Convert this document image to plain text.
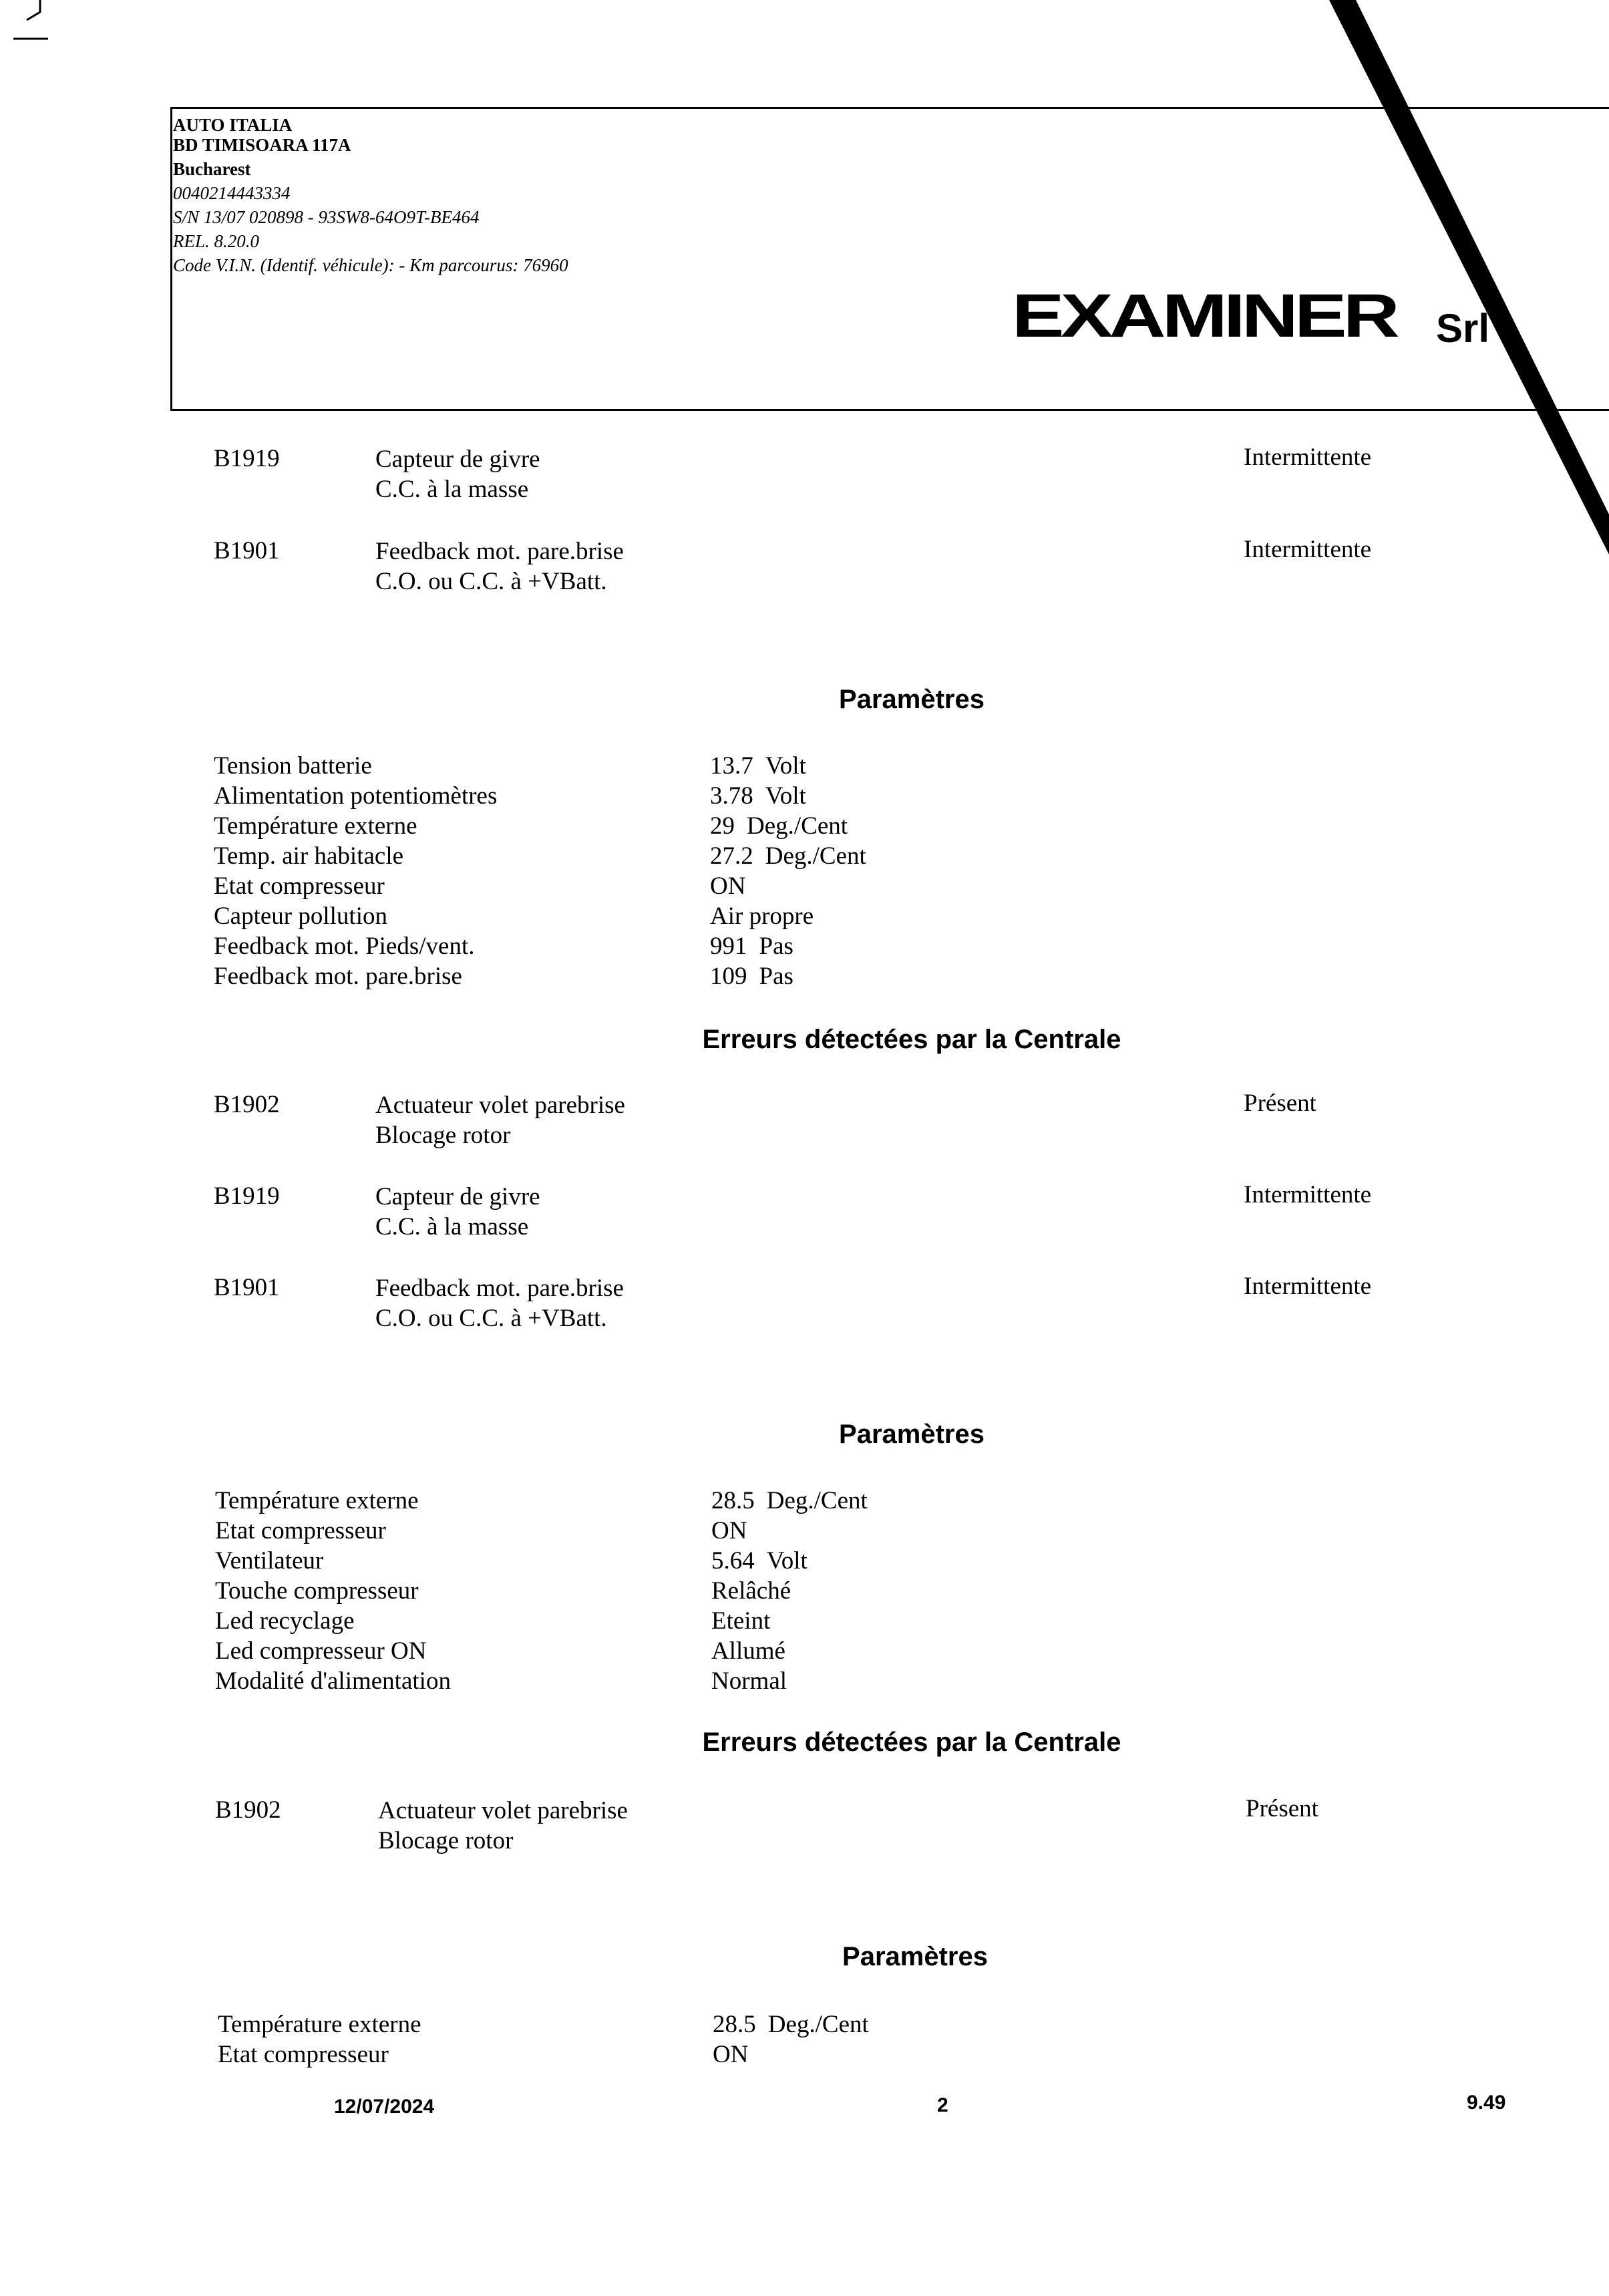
AUTO ITALIA
BD TIMISOARA 117A
Bucharest
0040214443334
S/N 13/07 020898 - 93SW8-64O9T-BE464
REL. 8.20.0
Code V.I.N. (Identif. véhicule): - Km parcourus: 76960
EXAMINER Srl
B1919	Capteur de givre
C.C. à la masse
Intermittente
B1901	Feedback mot. pare.brise
C.O. ou C.C. à +VBatt.
Intermittente
Paramètres
Tension batterie	13.7 Volt
Alimentation potentiomètres	3.78 Volt
Température externe	29 Deg./Cent
Temp. air habitacle	27.2 Deg./Cent
Etat compresseur	ON
Capteur pollution	Air propre
Feedback mot. Pieds/vent.	991 Pas
Feedback mot. pare.brise	109 Pas
Erreurs détectées par la Centrale
B1902	Actuateur volet parebrise
Blocage rotor
Présent
B1919	Capteur de givre
C.C. à la masse
Intermittente
B1901	Feedback mot. pare.brise
C.O. ou C.C. à +VBatt.
Intermittente
Paramètres
Température externe	28.5 Deg./Cent
Etat compresseur	ON
Ventilateur	5.64 Volt
Touche compresseur	Relâché
Led recyclage	Eteint
Led compresseur ON	Allumé
Modalité d'alimentation	Normal
Erreurs détectées par la Centrale
B1902	Actuateur volet parebrise
Blocage rotor
Présent
Paramètres
Température externe	28.5 Deg./Cent
Etat compresseur	ON
12/07/2024	2	9.49
